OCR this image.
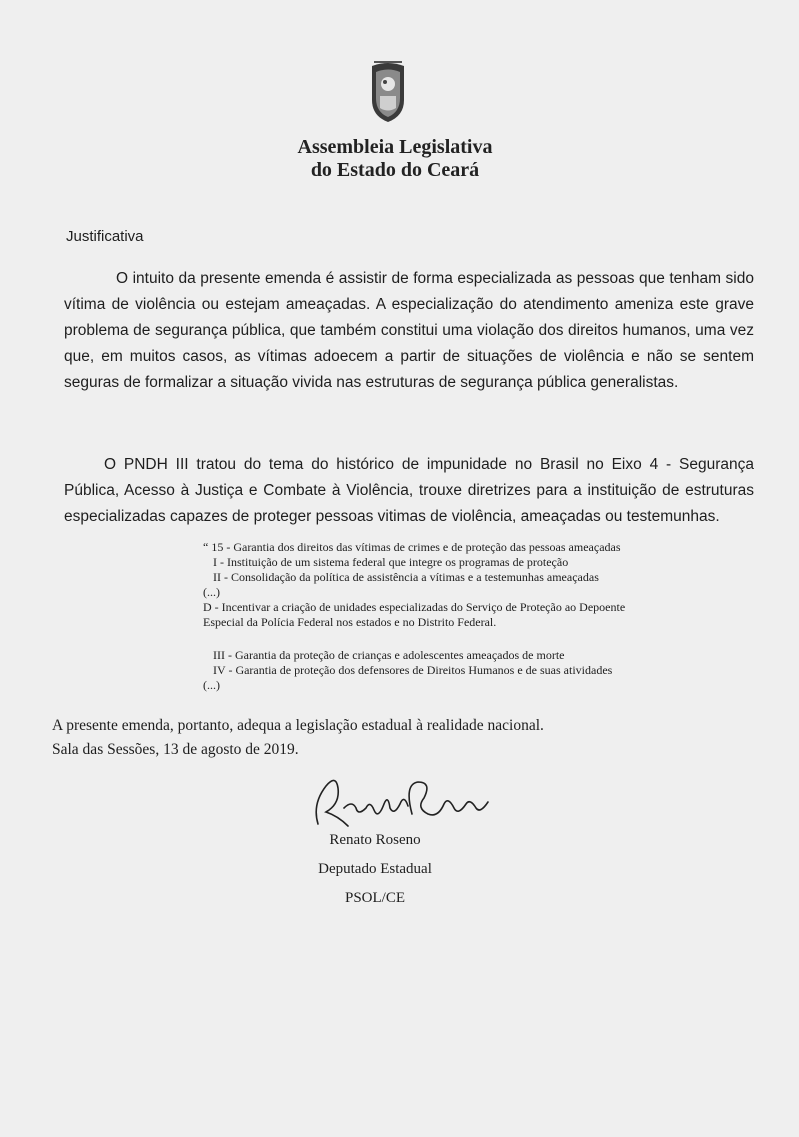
Assembleia Legislativa
do Estado do Ceará
Justificativa
O intuito da presente emenda é assistir de forma especializada as pessoas que tenham sido vítima de violência ou estejam ameaçadas. A especialização do atendimento ameniza este grave problema de segurança pública, que também constitui uma violação dos direitos humanos, uma vez que, em muitos casos, as vítimas adoecem a partir de situações de violência e não se sentem seguras de formalizar a situação vivida nas estruturas de segurança pública generalistas.
O PNDH III tratou do tema do histórico de impunidade no Brasil no Eixo 4 - Segurança Pública, Acesso à Justiça e Combate à Violência, trouxe diretrizes para a instituição de estruturas especializadas capazes de proteger pessoas vitimas de violência, ameaçadas ou testemunhas.
“ 15 - Garantia dos direitos das vítimas de crimes e de proteção das pessoas ameaçadas
I - Instituição de um sistema federal que integre os programas de proteção
II - Consolidação da política de assistência a vítimas e a testemunhas ameaçadas
(...)
D - Incentivar a criação de unidades especializadas do Serviço de Proteção ao Depoente
Especial da Polícia Federal nos estados e no Distrito Federal.
III - Garantia da proteção de crianças e adolescentes ameaçados de morte
IV - Garantia de proteção dos defensores de Direitos Humanos e de suas atividades
(...)
A presente emenda, portanto, adequa a legislação estadual à realidade nacional.
Sala das Sessões, 13 de agosto de 2019.
Renato Roseno
Deputado Estadual
PSOL/CE
